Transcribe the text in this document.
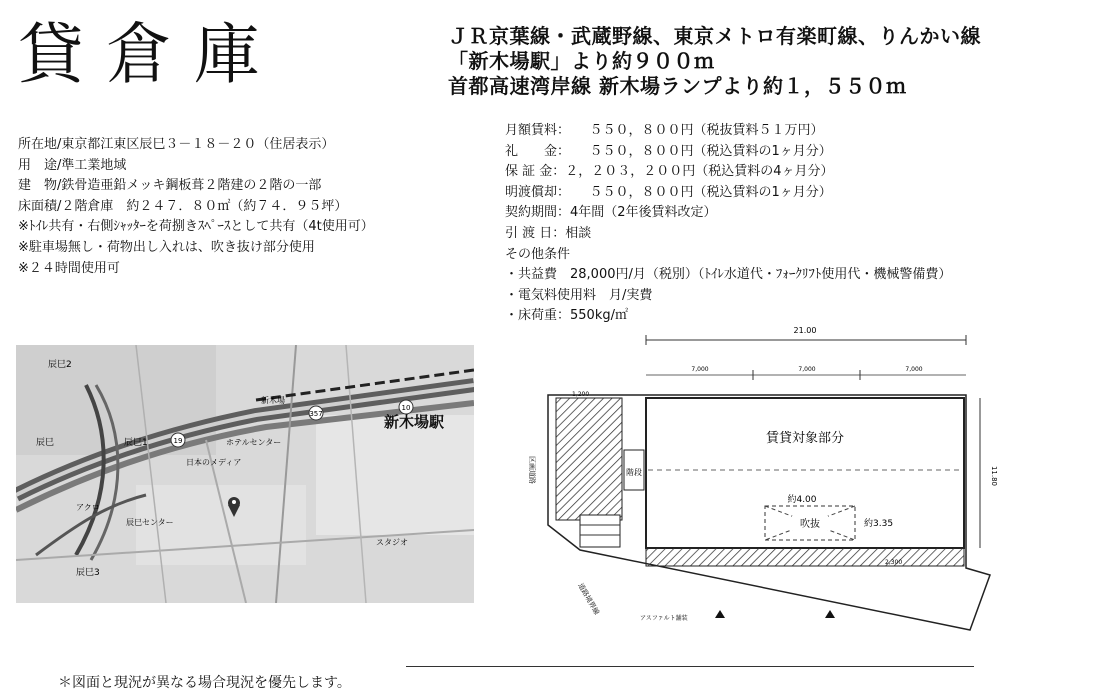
貸倉庫	ＪＲ京葉線・武蔵野線、東京メトロ有楽町線、りんかい線
「新木場駅」より約９００ｍ
首都高速湾岸線 新木場ランプより約１，５５０ｍ
所在地/東京都江東区辰巳３－１８－２０（住居表示）
用　途/準工業地域
建　物/鉄骨造亜鉛メッキ鋼板葺２階建の２階の一部
床面積/２階倉庫　約２４７．８０㎡（約７４．９５坪）
※ﾄｲﾚ共有・右側ｼｬｯﾀｰを荷捌きｽﾍﾟｰｽとして共有（4t使用可）
※駐車場無し・荷物出し入れは、吹き抜け部分使用
※２４時間使用可
月額賃料：　　５５０，８００円（税抜賃料５１万円）
礼　　金：　　５５０，８００円（税込賃料の1ヶ月分）
保 証 金：２，２０３，２００円（税込賃料の4ヶ月分）
明渡償却：　　５５０，８００円（税込賃料の1ヶ月分）
契約期間：4年間（2年後賃料改定）
引 渡 日：相談
その他条件
・共益費　28,000円/月（税別）（ﾄｲﾚ水道代・ﾌｫｰｸﾘﾌﾄ使用代・機械警備費）
・電気料使用料　月/実費
・床荷重：550kg/㎡
357
19
10
新木場駅
辰巳2
辰巳1
辰巳3
辰巳
新木場
日本のメディア
アクロ
辰巳センター
スタジオ
ホテルセンター
21.00
7,000	7,000	7,000
1,200
賃貸対象部分
階段
吹抜
約4.00
約3.35
11.80
2,300
区画道路
道路境界線
アスファルト舗装
＊図面と現況が異なる場合現況を優先します。
